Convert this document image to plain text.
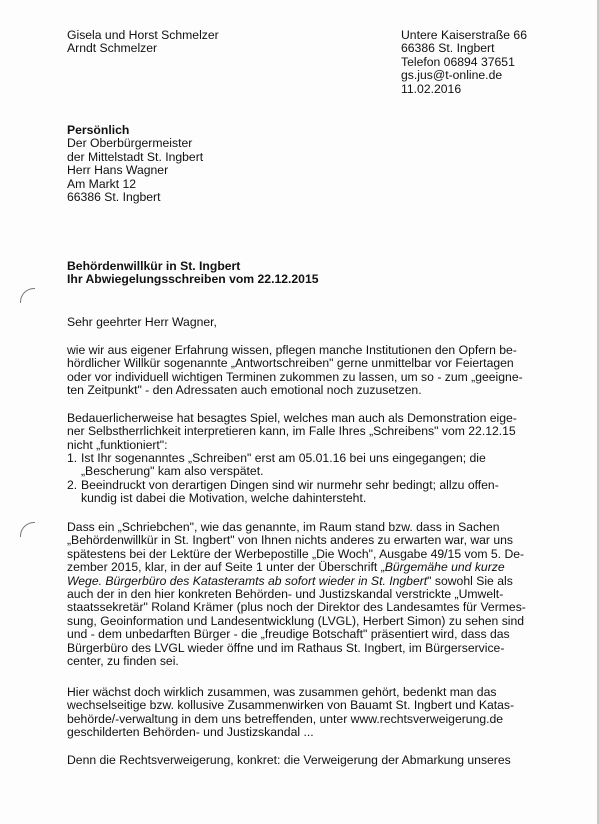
Gisela und Horst Schmelzer
Arndt Schmelzer
Untere Kaiserstraße 66
66386 St. Ingbert
Telefon 06894 37651
gs.jus@t-online.de
11.02.2016
Persönlich
Der Oberbürgermeister
der Mittelstadt St. Ingbert
Herr Hans Wagner
Am Markt 12
66386 St. Ingbert
Behördenwillkür in St. Ingbert
Ihr Abwiegelungsschreiben vom 22.12.2015
Sehr geehrter Herr Wagner,
wie wir aus eigener Erfahrung wissen, pflegen manche Institutionen den Opfern be-
hördlicher Willkür sogenannte „Antwortschreiben" gerne unmittelbar vor Feiertagen
oder vor individuell wichtigen Terminen zukommen zu lassen, um so - zum „geeigne-
ten Zeitpunkt" - den Adressaten auch emotional noch zuzusetzen.
Bedauerlicherweise hat besagtes Spiel, welches man auch als Demonstration eige-
ner Selbstherrlichkeit interpretieren kann, im Falle Ihres „Schreibens" vom 22.12.15
nicht „funktioniert":
1. Ist Ihr sogenanntes „Schreiben" erst am 05.01.16 bei uns eingegangen; die
„Bescherung" kam also verspätet.
2. Beeindruckt von derartigen Dingen sind wir nurmehr sehr bedingt; allzu offen-
kundig ist dabei die Motivation, welche dahintersteht.
Dass ein „Schriebchen", wie das genannte, im Raum stand bzw. dass in Sachen
„Behördenwillkür in St. Ingbert" von Ihnen nichts anderes zu erwarten war, war uns
spätestens bei der Lektüre der Werbepostille „Die Woch", Ausgabe 49/15 vom 5. De-
zember 2015, klar, in der auf Seite 1 unter der Überschrift „Bürgemähe und kurze
Wege. Bürgerbüro des Katasteramts ab sofort wieder in St. Ingbert" sowohl Sie als
auch der in den hier konkreten Behörden- und Justizskandal verstrickte „Umwelt-
staatssekretär" Roland Krämer (plus noch der Direktor des Landesamtes für Vermes-
sung, Geoinformation und Landesentwicklung (LVGL), Herbert Simon) zu sehen sind
und - dem unbedarften Bürger - die „freudige Botschaft" präsentiert wird, dass das
Bürgerbüro des LVGL wieder öffne und im Rathaus St. Ingbert, im Bürgerservice-
center, zu finden sei.
Hier wächst doch wirklich zusammen, was zusammen gehört, bedenkt man das
wechselseitige bzw. kollusive Zusammenwirken von Bauamt St. Ingbert und Katas-
behörde/-verwaltung in dem uns betreffenden, unter www.rechtsverweigerung.de
geschilderten Behörden- und Justizskandal ...
Denn die Rechtsverweigerung, konkret: die Verweigerung der Abmarkung unseres
